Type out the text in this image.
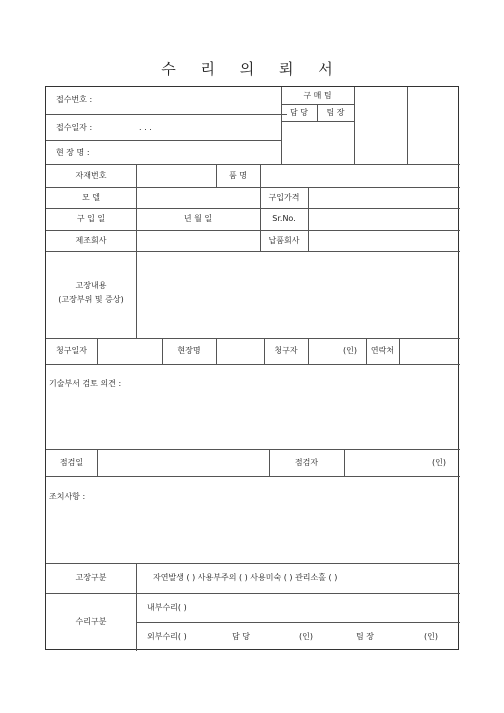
수 리 의 뢰 서
접수번호 :
접수일자 :	. . .
현 장 명 :
구 매 팀
담 당	팀 장
자재번호	품 명
모 델	구입가격
구 입 일	년 월 일	Sr.No.
제조회사	납품회사
고장내용
(고장부위 및 증상)
청구일자	현장명	청구자	(인)	연락처
기술부서 검토 의견 :
점검일	점검자	(인)
조치사항 :
고장구분	자연발생 ( ) 사용부주의 ( ) 사용미숙 ( ) 관리소홀 ( )
수리구분
내부수리( )
외부수리( )	담 당	(인)	팀 장	(인)
